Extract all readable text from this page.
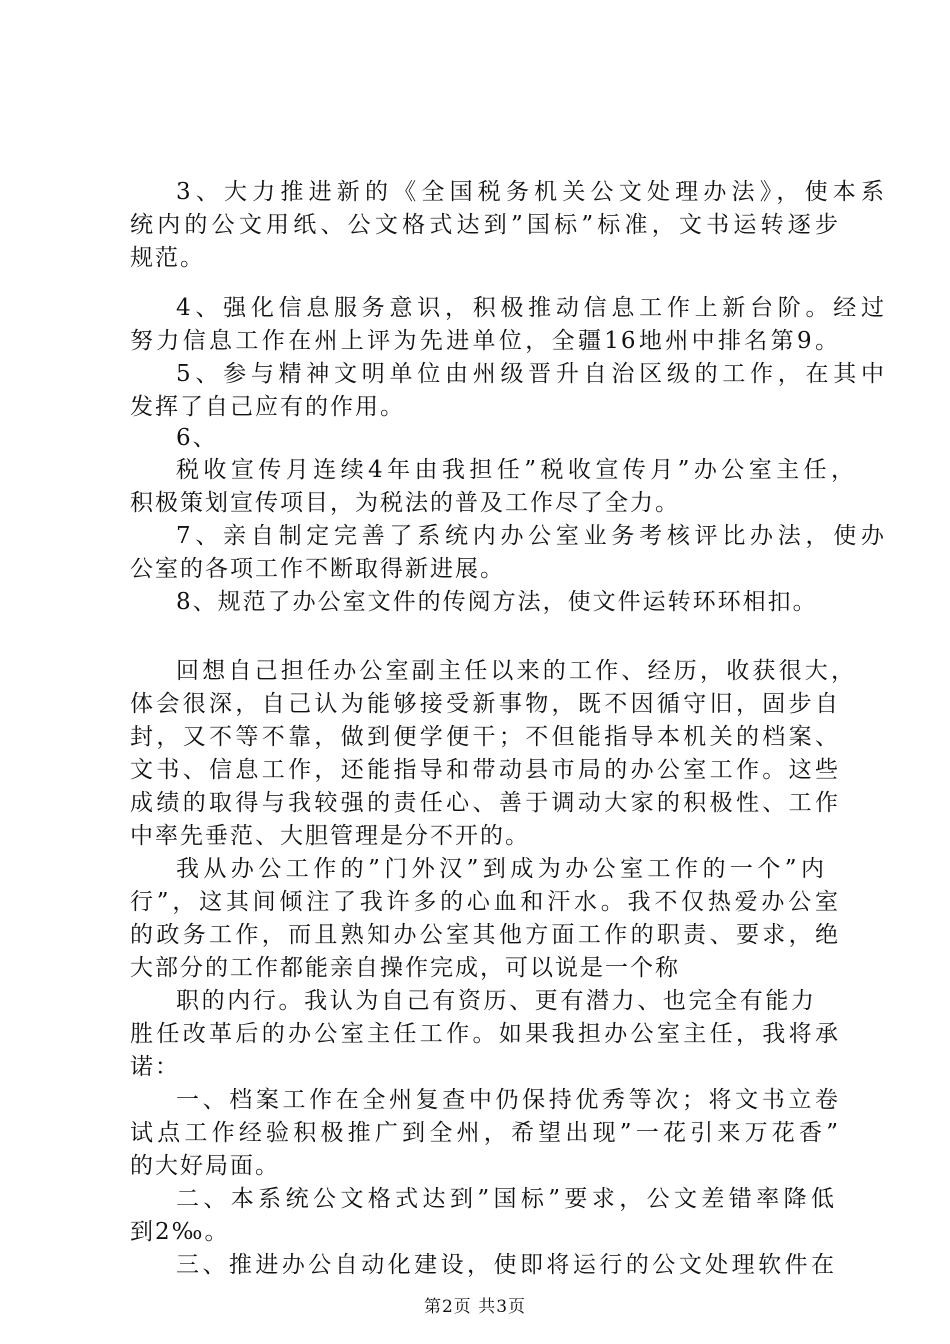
3、大力推进新的《全国税务机关公文处理办法》，使本系
统内的公文用纸、公文格式达到”国标”标准，文书运转逐步
规范。
4、强化信息服务意识，积极推动信息工作上新台阶。经过
努力信息工作在州上评为先进单位，全疆16地州中排名第9。
5、参与精神文明单位由州级晋升自治区级的工作，在其中
发挥了自己应有的作用。
6、
税收宣传月连续4年由我担任”税收宣传月”办公室主任，
积极策划宣传项目，为税法的普及工作尽了全力。
7、亲自制定完善了系统内办公室业务考核评比办法，使办
公室的各项工作不断取得新进展。
8、规范了办公室文件的传阅方法，使文件运转环环相扣。
回想自己担任办公室副主任以来的工作、经历，收获很大，
体会很深，自己认为能够接受新事物，既不因循守旧，固步自
封，又不等不靠，做到便学便干；不但能指导本机关的档案、
文书、信息工作，还能指导和带动县市局的办公室工作。这些
成绩的取得与我较强的责任心、善于调动大家的积极性、工作
中率先垂范、大胆管理是分不开的。
我从办公工作的”门外汉”到成为办公室工作的一个”内
行”，这其间倾注了我许多的心血和汗水。我不仅热爱办公室
的政务工作，而且熟知办公室其他方面工作的职责、要求，绝
大部分的工作都能亲自操作完成，可以说是一个称
职的内行。我认为自己有资历、更有潜力、也完全有能力
胜任改革后的办公室主任工作。如果我担办公室主任，我将承
诺：
一、档案工作在全州复查中仍保持优秀等次；将文书立卷
试点工作经验积极推广到全州，希望出现”一花引来万花香”
的大好局面。
二、本系统公文格式达到”国标”要求，公文差错率降低
到2‰。
三、推进办公自动化建设，使即将运行的公文处理软件在
第2页 共3页
